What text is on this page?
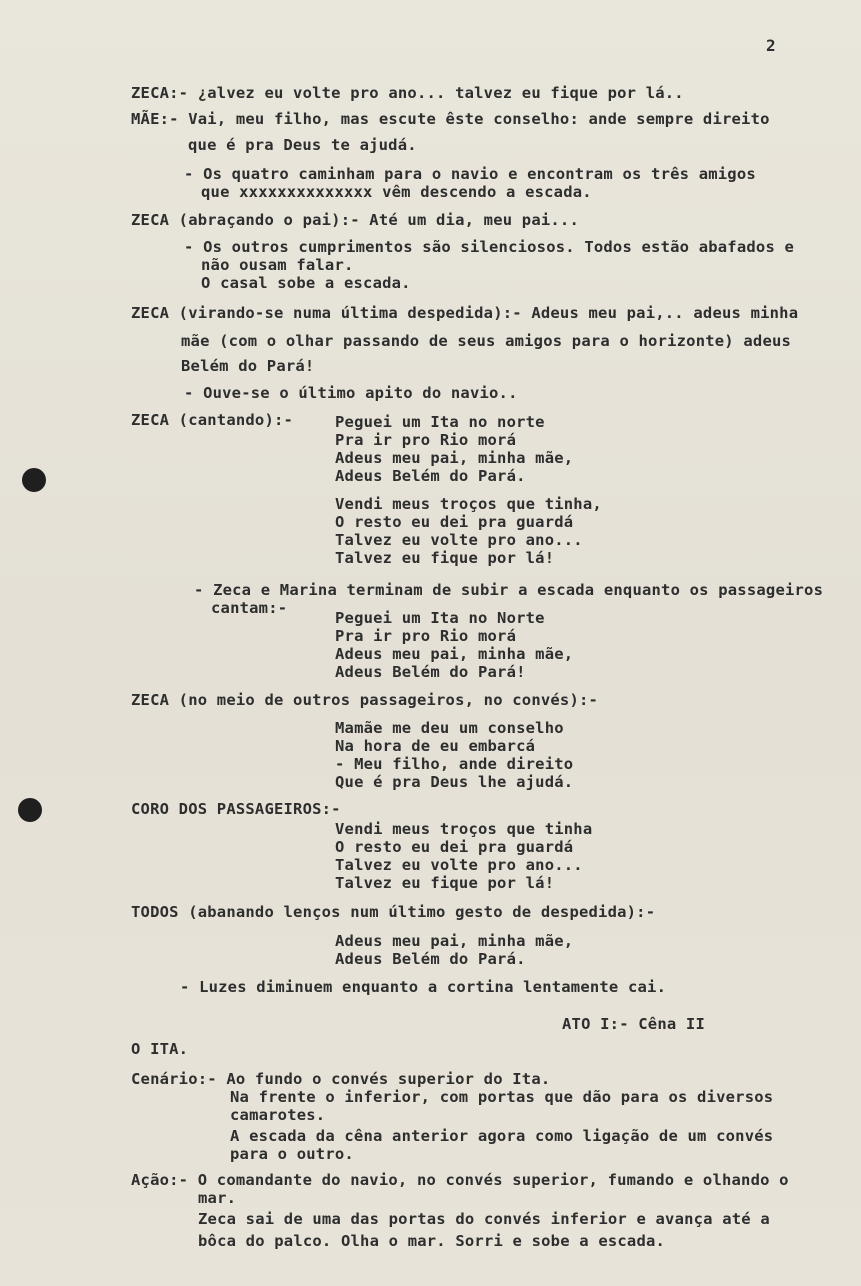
2
ZECA:- ¿alvez eu volte pro ano... talvez eu fique por lá..
MÃE:- Vai, meu filho, mas escute êste conselho: ande sempre direito
que é pra Deus te ajudá.
- Os quatro caminham para o navio e encontram os três amigos
que xxxxxxxxxxxxxx vêm descendo a escada.
ZECA (abraçando o pai):- Até um dia, meu pai...
- Os outros cumprimentos são silenciosos. Todos estão abafados e
não ousam falar.
O casal sobe a escada.
ZECA (virando-se numa última despedida):- Adeus meu pai,.. adeus minha
mãe (com o olhar passando de seus amigos para o horizonte) adeus
Belém do Pará!
- Ouve-se o último apito do navio..
ZECA (cantando):-	Peguei um Ita no norte
Pra ir pro Rio morá
Adeus meu pai, minha mãe,
Adeus Belém do Pará.
Vendi meus troços que tinha,
O resto eu dei pra guardá
Talvez eu volte pro ano...
Talvez eu fique por lá!
- Zeca e Marina terminam de subir a escada enquanto os passageiros
cantam:-
Peguei um Ita no Norte
Pra ir pro Rio morá
Adeus meu pai, minha mãe,
Adeus Belém do Pará!
ZECA (no meio de outros passageiros, no convés):-
Mamãe me deu um conselho
Na hora de eu embarcá
- Meu filho, ande direito
Que é pra Deus lhe ajudá.
CORO DOS PASSAGEIROS:-
Vendi meus troços que tinha
O resto eu dei pra guardá
Talvez eu volte pro ano...
Talvez eu fique por lá!
TODOS (abanando lenços num último gesto de despedida):-
Adeus meu pai, minha mãe,
Adeus Belém do Pará.
- Luzes diminuem enquanto a cortina lentamente cai.
ATO I:- Cêna II
O ITA.
Cenário:- Ao fundo o convés superior do Ita.
Na frente o inferior, com portas que dão para os diversos
camarotes.
A escada da cêna anterior agora como ligação de um convés
para o outro.
Ação:- O comandante do navio, no convés superior, fumando e olhando o
mar.
Zeca sai de uma das portas do convés inferior e avança até a
bôca do palco. Olha o mar. Sorri e sobe a escada.
